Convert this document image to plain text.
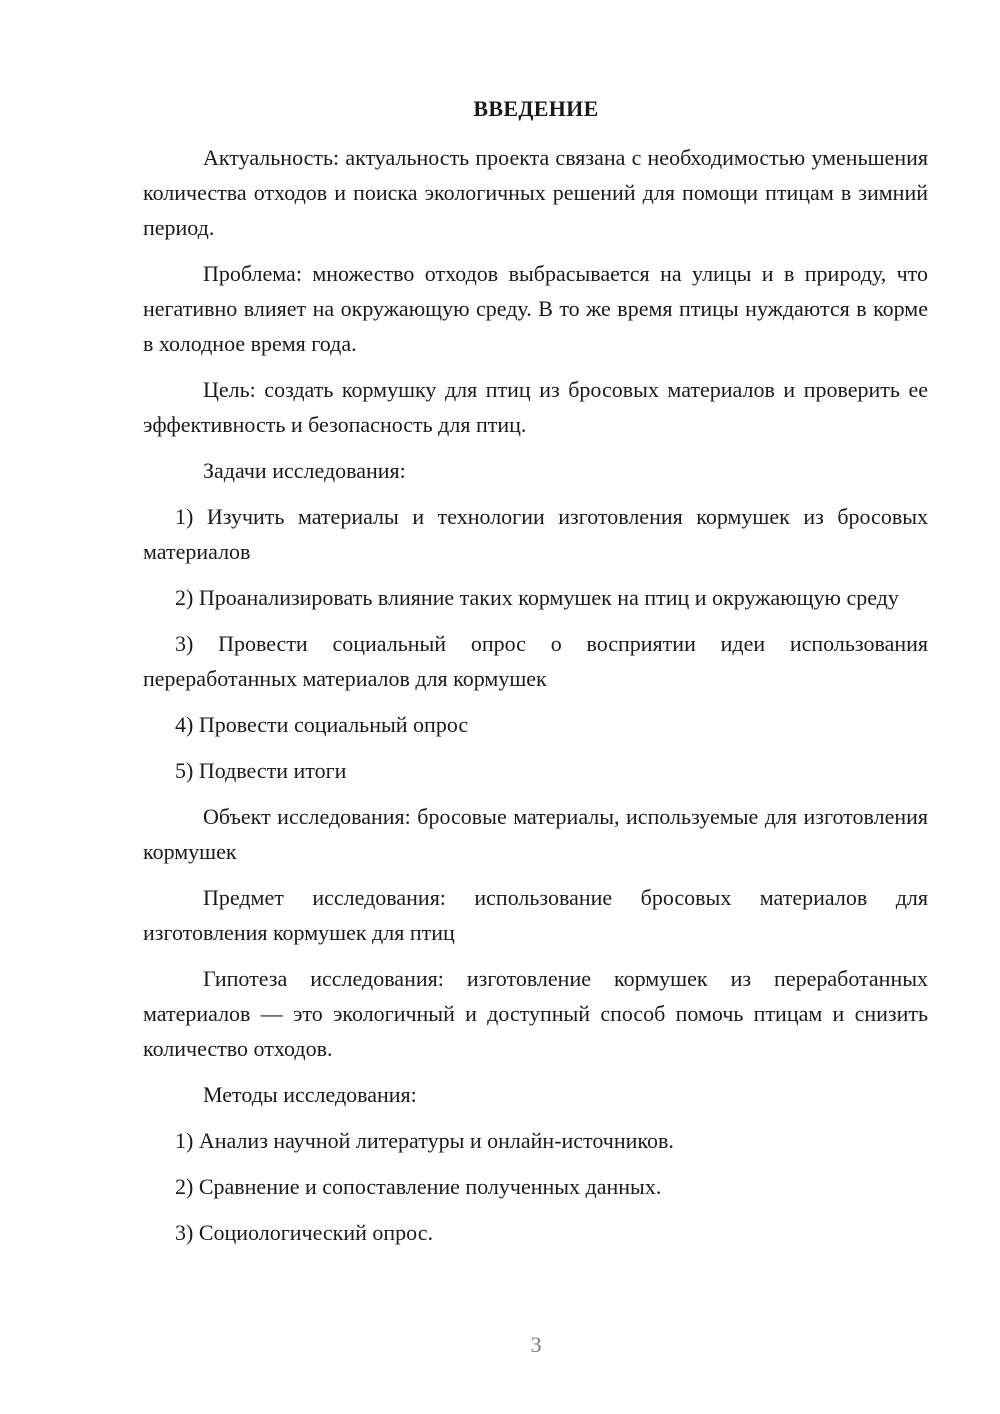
ВВЕДЕНИЕ

Актуальность: актуальность проекта связана с необходимостью уменьшения количества отходов и поиска экологичных решений для помощи птицам в зимний период.

Проблема: множество отходов выбрасывается на улицы и в природу, что негативно влияет на окружающую среду. В то же время птицы нуждаются в корме в холодное время года.

Цель: создать кормушку для птиц из бросовых материалов и проверить ее эффективность и безопасность для птиц.

Задачи исследования:

1) Изучить материалы и технологии изготовления кормушек из бросовых материалов

2) Проанализировать влияние таких кормушек на птиц и окружающую среду

3) Провести социальный опрос о восприятии идеи использования переработанных материалов для кормушек

4) Провести социальный опрос

5) Подвести итоги

Объект исследования: бросовые материалы, используемые для изготовления кормушек

Предмет исследования: использование бросовых материалов для изготовления кормушек для птиц

Гипотеза исследования: изготовление кормушек из переработанных материалов — это экологичный и доступный способ помочь птицам и снизить количество отходов.

Методы исследования:

1) Анализ научной литературы и онлайн-источников.

2) Сравнение и сопоставление полученных данных.

3) Социологический опрос.

3
